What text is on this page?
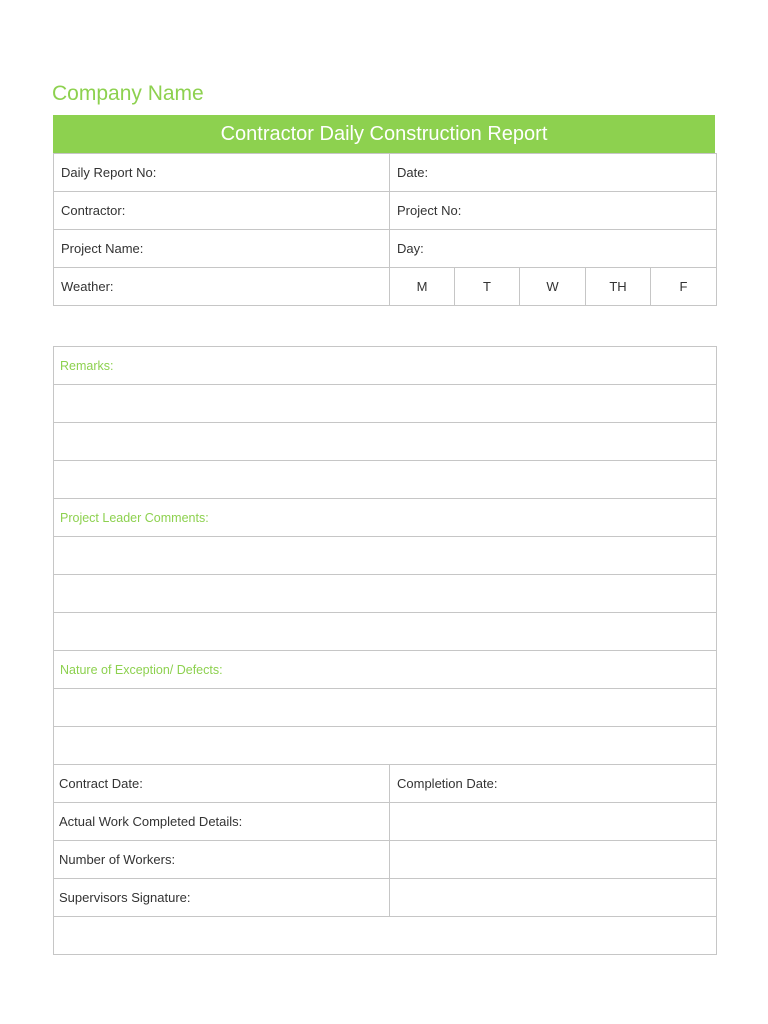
Company Name
Contractor Daily Construction Report
Daily Report No:	Date:				
Contractor:	Project No:				
Project Name:	Day:				
Weather:	M	T	W	TH	F
Remarks:	

Project Leader Comments:	

Nature of Exception/ Defects:	

Contract Date:	Completion Date:
Actual Work Completed Details:	
Number of Workers:	
Supervisors Signature:	
